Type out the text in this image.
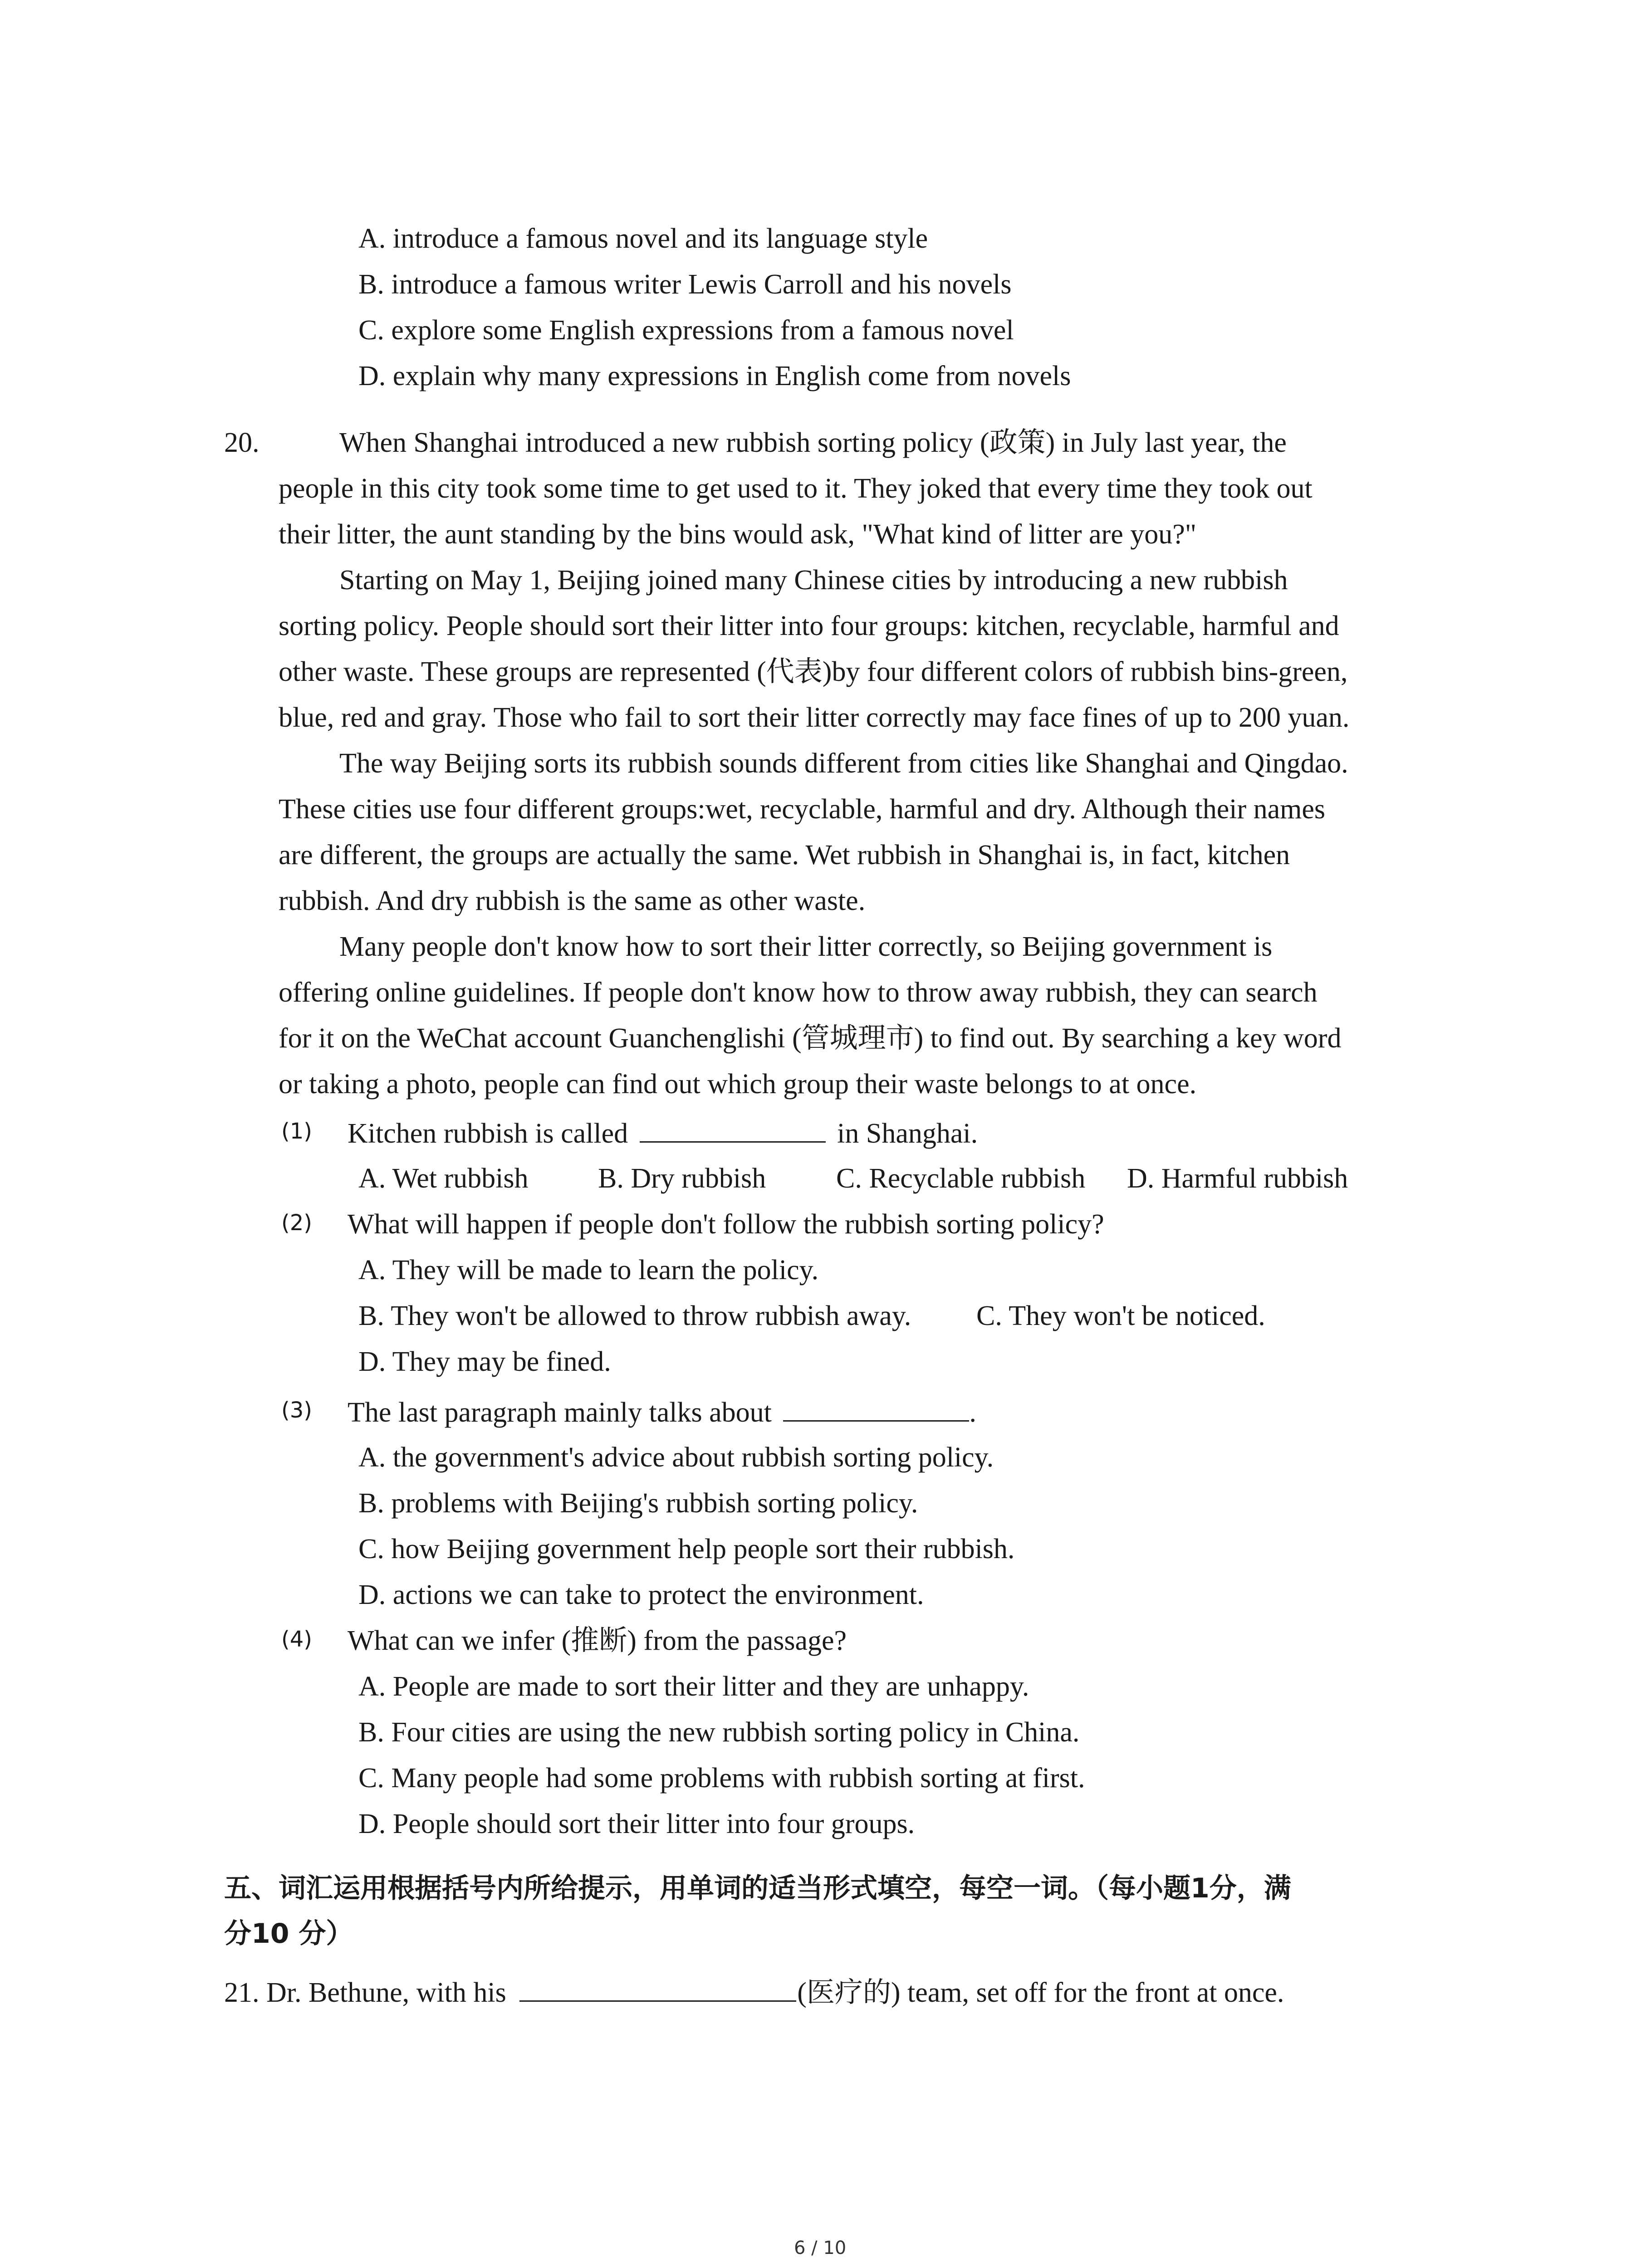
A. introduce a famous novel and its language style
B. introduce a famous writer Lewis Carroll and his novels
C. explore some English expressions from a famous novel
D. explain why many expressions in English come from novels
20.	When Shanghai introduced a new rubbish sorting policy (政策) in July last year, the
people in this city took some time to get used to it. They joked that every time they took out
their litter, the aunt standing by the bins would ask, "What kind of litter are you?"
Starting on May 1, Beijing joined many Chinese cities by introducing a new rubbish
sorting policy. People should sort their litter into four groups: kitchen, recyclable, harmful and
other waste. These groups are represented (代表)by four different colors of rubbish bins-green,
blue, red and gray. Those who fail to sort their litter correctly may face fines of up to 200 yuan.
The way Beijing sorts its rubbish sounds different from cities like Shanghai and Qingdao.
These cities use four different groups:wet, recyclable, harmful and dry. Although their names
are different, the groups are actually the same. Wet rubbish in Shanghai is, in fact, kitchen
rubbish. And dry rubbish is the same as other waste.
Many people don't know how to sort their litter correctly, so Beijing government is
offering online guidelines. If people don't know how to throw away rubbish, they can search
for it on the WeChat account Guanchenglishi (管城理市) to find out. By searching a key word
or taking a photo, people can find out which group their waste belongs to at once.
(1) Kitchen rubbish is called	in Shanghai.
A. Wet rubbish B. Dry rubbish C. Recyclable rubbish D. Harmful rubbish
(2) What will happen if people don't follow the rubbish sorting policy?
A. They will be made to learn the policy.
B. They won't be allowed to throw rubbish away. C. They won't be noticed.
D. They may be fined.
(3) The last paragraph mainly talks about	.
A. the government's advice about rubbish sorting policy.
B. problems with Beijing's rubbish sorting policy.
C. how Beijing government help people sort their rubbish.
D. actions we can take to protect the environment.
(4) What can we infer (推断) from the passage?
A. People are made to sort their litter and they are unhappy.
B. Four cities are using the new rubbish sorting policy in China.
C. Many people had some problems with rubbish sorting at first.
D. People should sort their litter into four groups.
五、词汇运用根据括号内所给提示，用单词的适当形式填空，每空一词。（每小题1分，满
分10 分）
21. Dr. Bethune, with his	(医疗的) team, set off for the front at once.
6 / 10
